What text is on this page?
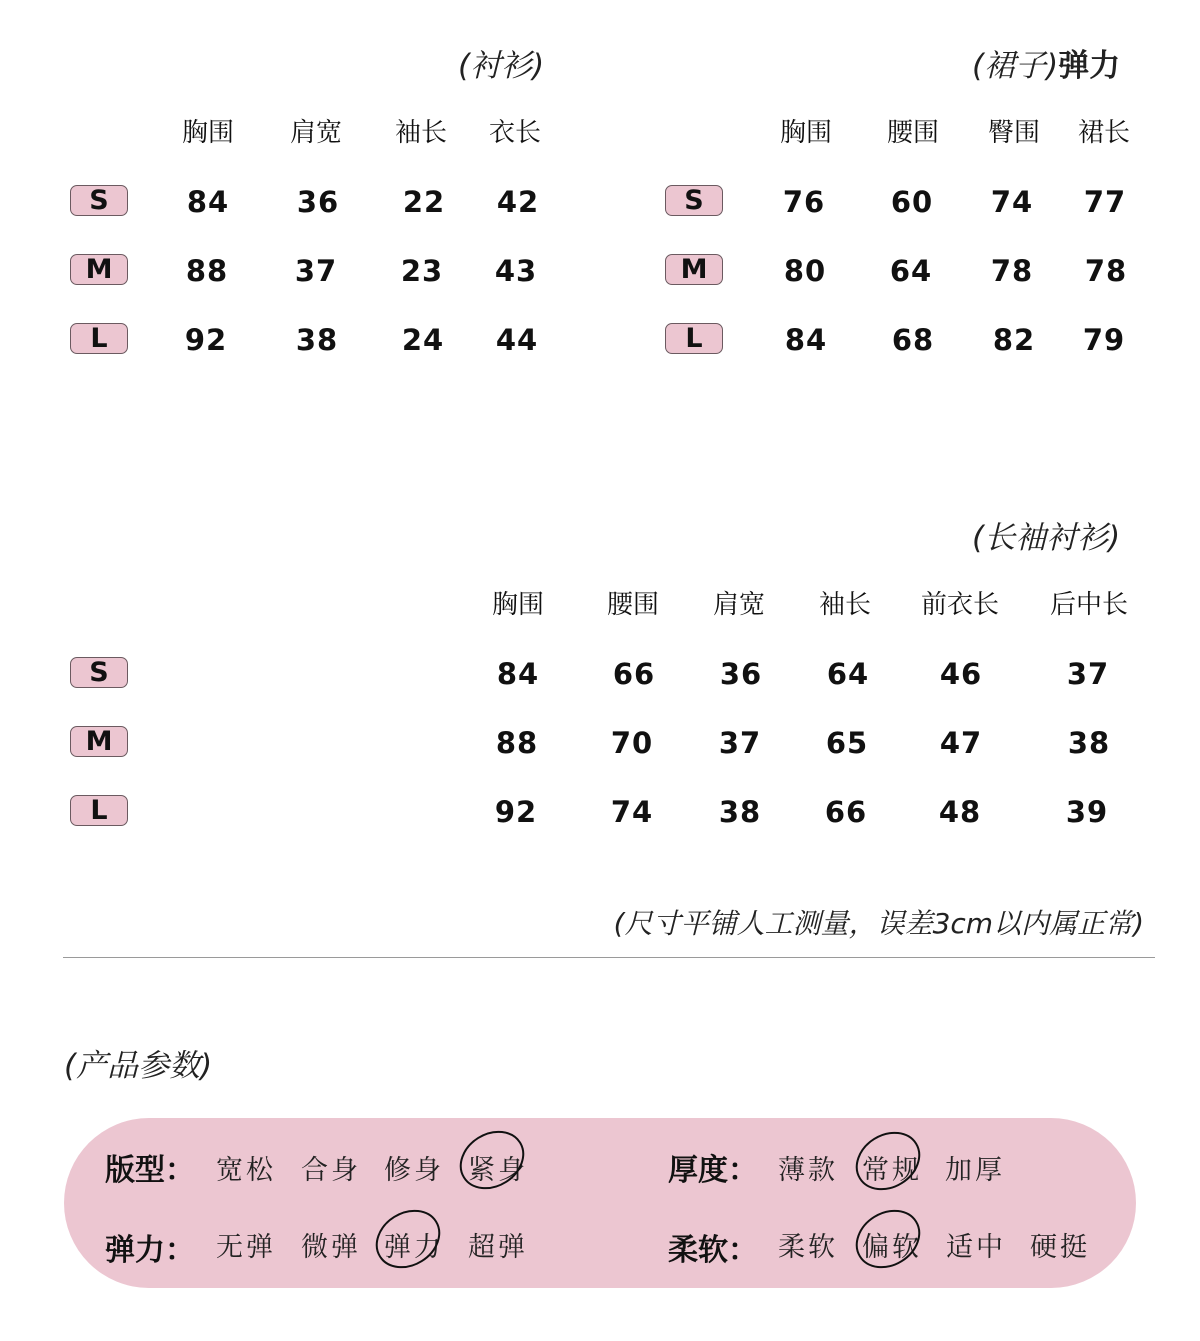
(衬衫)
胸围 肩宽 袖长 衣长
S	84 36 22 42
M	88 37 23 43
L	92 38 24 44
(裙子)弹力
胸围 腰围 臀围 裙长
S	76 60 74 77
M	80 64 78 78
L	84 68 82 79
(长袖衬衫)
胸围 腰围 肩宽 袖长 前衣长 后中长
S	84	66 36 64 46	37
M	88	70 37 65 47	38
L	92	74 38 66 48	39
(尺寸平铺人工测量，误差3cm以内属正常)
(产品参数)
版型： 宽松 合身 修身 紧身
弹力： 无弹 微弹 弹力 超弹
厚度： 薄款 常规 加厚
柔软： 柔软 偏软 适中 硬挺
